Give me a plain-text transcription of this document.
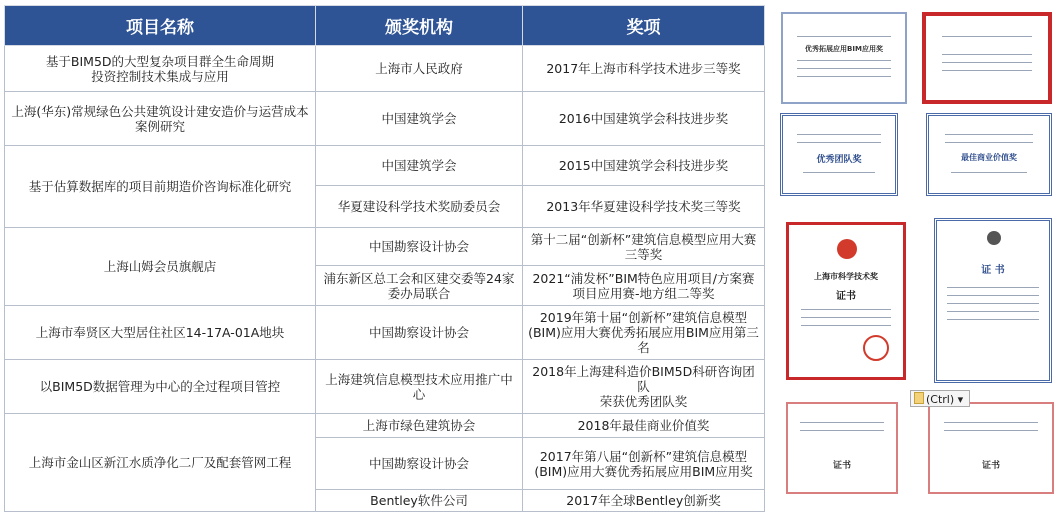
项目名称	颁奖机构	奖项
基于BIM5D的大型复杂项目群全生命周期
投资控制技术集成与应用	上海市人民政府	2017年上海市科学技术进步三等奖
上海(华东)常规绿色公共建筑设计建安造价与运营成本
案例研究	中国建筑学会	2016中国建筑学会科技进步奖
基于估算数据库的项目前期造价咨询标准化研究	中国建筑学会	2015中国建筑学会科技进步奖
	华夏建设科学技术奖励委员会	2013年华夏建设科学技术奖三等奖
上海山姆会员旗舰店	中国勘察设计协会	第十二届“创新杯”建筑信息模型应用大赛三等奖
	浦东新区总工会和区建交委等24家委办局联合	2021“浦发杯”BIM特色应用项目/方案赛项目应用赛-地方组二等奖
上海市奉贤区大型居住社区14-17A-01A地块	中国勘察设计协会	2019年第十届“创新杯”建筑信息模型(BIM)应用大赛优秀拓展应用BIM应用第三名
以BIM5D数据管理为中心的全过程项目管控	上海建筑信息模型技术应用推广中心	2018年上海建科造价BIM5D科研咨询团队
荣获优秀团队奖
上海市金山区新江水质净化二厂及配套管网工程	上海市绿色建筑协会	2018年最佳商业价值奖
	中国勘察设计协会	2017年第八届“创新杯”建筑信息模型(BIM)应用大赛优秀拓展应用BIM应用奖
	Bentley软件公司	2017年全球Bentley创新奖
优秀拓展应用BIM应用奖
优秀团队奖	最佳商业价值奖
上海市科学技术奖
证书
证 书
证书	证书
(Ctrl) ▾
